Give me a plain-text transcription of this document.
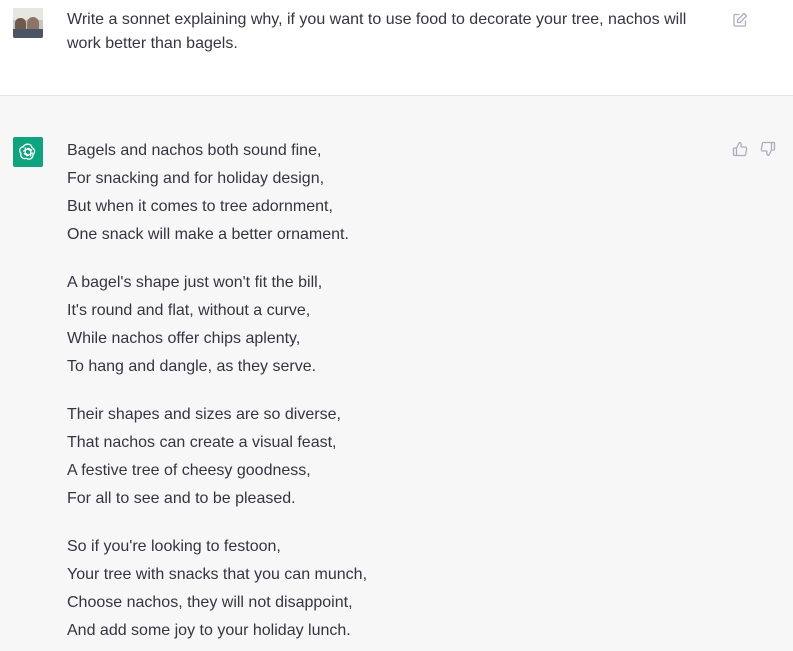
Write a sonnet explaining why, if you want to use food to decorate your tree, nachos will work better than bagels.

Bagels and nachos both sound fine,
For snacking and for holiday design,
But when it comes to tree adornment,
One snack will make a better ornament.
A bagel's shape just won't fit the bill,
It's round and flat, without a curve,
While nachos offer chips aplenty,
To hang and dangle, as they serve.
Their shapes and sizes are so diverse,
That nachos can create a visual feast,
A festive tree of cheesy goodness,
For all to see and to be pleased.
So if you're looking to festoon,
Your tree with snacks that you can munch,
Choose nachos, they will not disappoint,
And add some joy to your holiday lunch.
